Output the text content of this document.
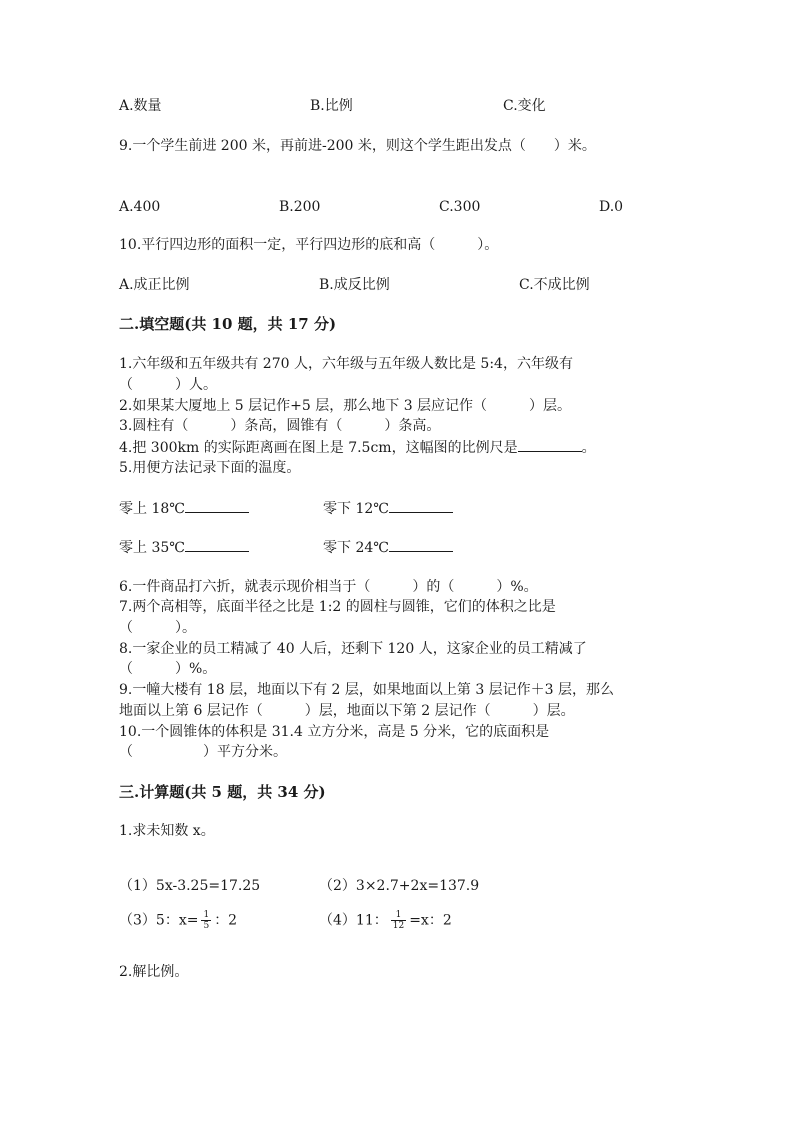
A.数量	B.比例	C.变化
9.一个学生前进 200 米，再前进-200 米，则这个学生距出发点（　　）米。
A.400	B.200	C.300	D.0
10.平行四边形的面积一定，平行四边形的底和高（　　　）。
A.成正比例	B.成反比例	C.不成比例
二.填空题(共 10 题，共 17 分)
1.六年级和五年级共有 270 人，六年级与五年级人数比是 5:4，六年级有
（　　　）人。
2.如果某大厦地上 5 层记作+5 层，那么地下 3 层应记作（　　　）层。
3.圆柱有（　　　）条高，圆锥有（　　　）条高。
4.把 300km 的实际距离画在图上是 7.5cm，这幅图的比例尺是	。
5.用便方法记录下面的温度。
零上 18℃	零下 12℃
零上 35℃	零下 24℃
6.一件商品打六折，就表示现价相当于（　　　）的（　　　）%。
7.两个高相等，底面半径之比是 1:2 的圆柱与圆锥，它们的体积之比是
（　　　）。
8.一家企业的员工精减了 40 人后，还剩下 120 人，这家企业的员工精减了
（　　　）%。
9.一幢大楼有 18 层，地面以下有 2 层，如果地面以上第 3 层记作＋3 层，那么
地面以上第 6 层记作（　　　）层，地面以下第 2 层记作（　　　）层。
10.一个圆锥体的体积是 31.4 立方分米，高是 5 分米，它的底面积是
（　　　　　）平方分米。
三.计算题(共 5 题，共 34 分)
1.求未知数 x。
（1）5x-3.25=17.25	（2）3×2.7+2x=137.9
（3）5：$x= \frac{1}{5}$ ：2	（4）11： $\frac{1}{12} =x$：2
2.解比例。
